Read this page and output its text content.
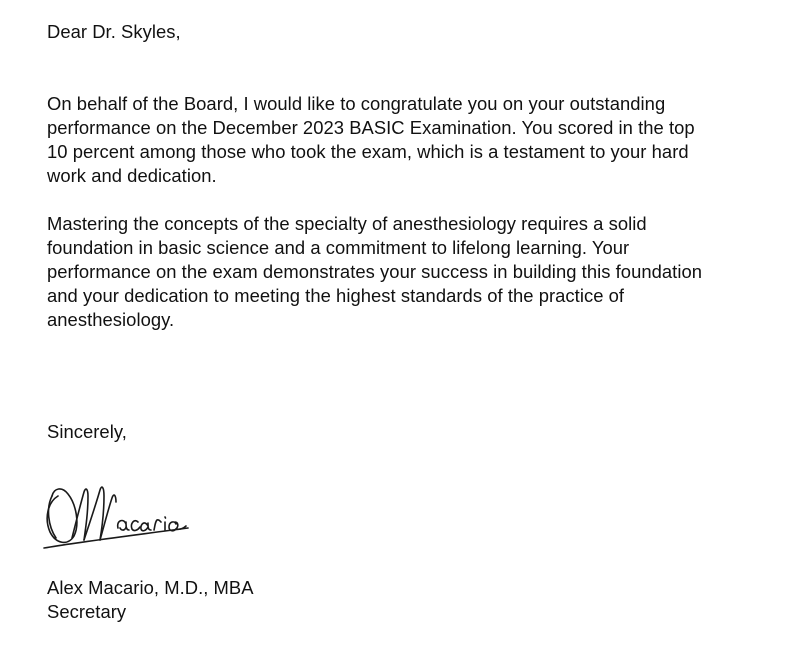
Dear Dr. Skyles,
On behalf of the Board, I would like to congratulate you on your outstanding
performance on the December 2023 BASIC Examination. You scored in the top
10 percent among those who took the exam, which is a testament to your hard
work and dedication.
Mastering the concepts of the specialty of anesthesiology requires a solid
foundation in basic science and a commitment to lifelong learning. Your
performance on the exam demonstrates your success in building this foundation
and your dedication to meeting the highest standards of the practice of
anesthesiology.
Sincerely,
Alex Macario, M.D., MBA
Secretary
